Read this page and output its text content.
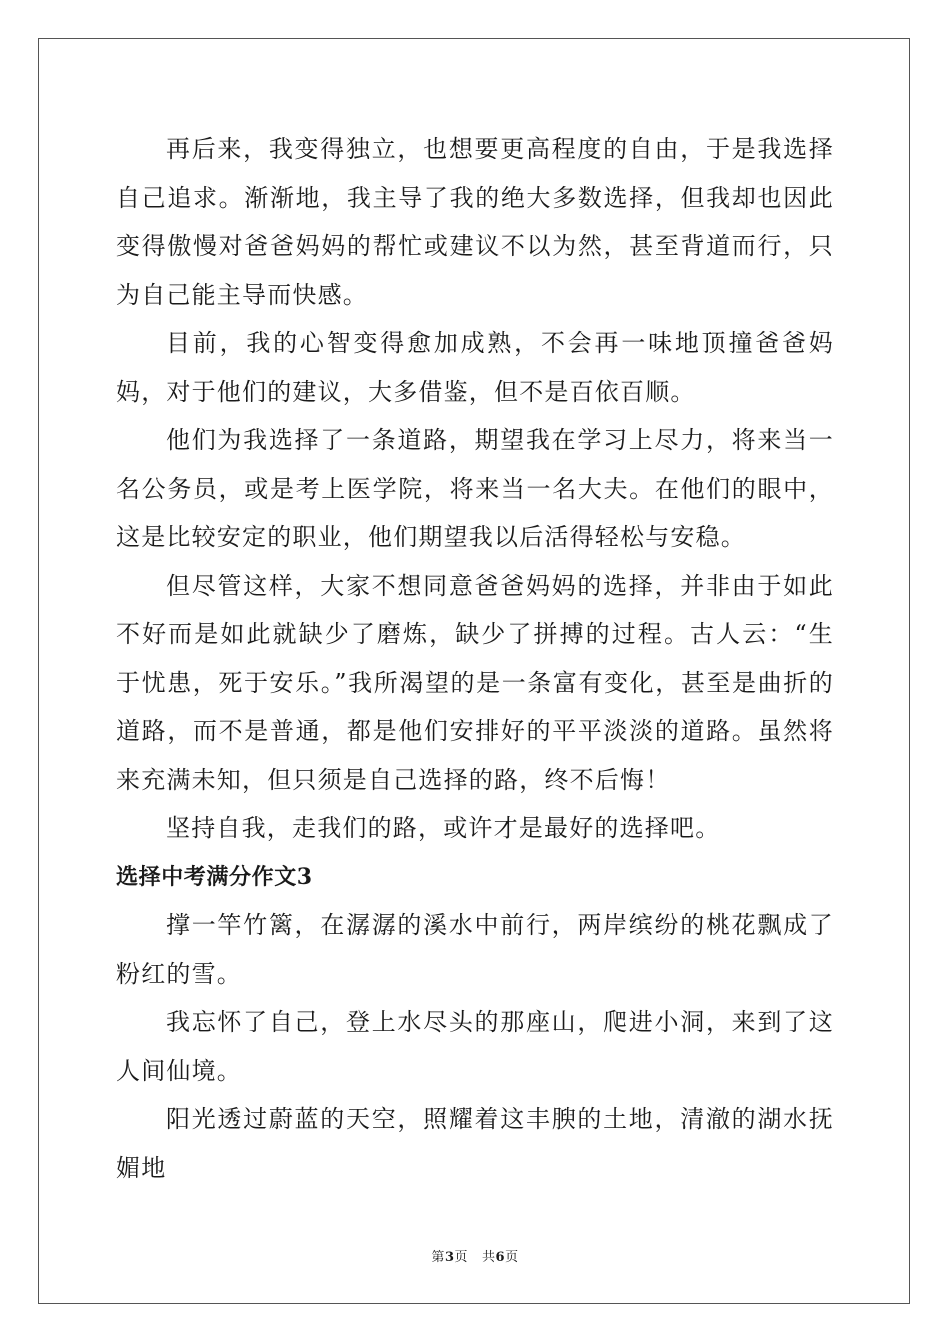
再后来，我变得独立，也想要更高程度的自由，于是我选择自己追求。渐渐地，我主导了我的绝大多数选择，但我却也因此变得傲慢对爸爸妈妈的帮忙或建议不以为然，甚至背道而行，只为自己能主导而快感。

目前，我的心智变得愈加成熟，不会再一味地顶撞爸爸妈妈，对于他们的建议，大多借鉴，但不是百依百顺。

他们为我选择了一条道路，期望我在学习上尽力，将来当一名公务员，或是考上医学院，将来当一名大夫。在他们的眼中，这是比较安定的职业，他们期望我以后活得轻松与安稳。

但尽管这样，大家不想同意爸爸妈妈的选择，并非由于如此不好而是如此就缺少了磨炼，缺少了拼搏的过程。古人云：“生于忧患，死于安乐。”我所渴望的是一条富有变化，甚至是曲折的道路，而不是普通，都是他们安排好的平平淡淡的道路。虽然将来充满未知，但只须是自己选择的路，终不后悔！

坚持自我，走我们的路，或许才是最好的选择吧。

选择中考满分作文3

撑一竿竹篱，在潺潺的溪水中前行，两岸缤纷的桃花飘成了粉红的雪。

我忘怀了自己，登上水尽头的那座山，爬进小洞，来到了这人间仙境。

阳光透过蔚蓝的天空，照耀着这丰腴的土地，清澈的湖水抚媚地

第3页 共6页
